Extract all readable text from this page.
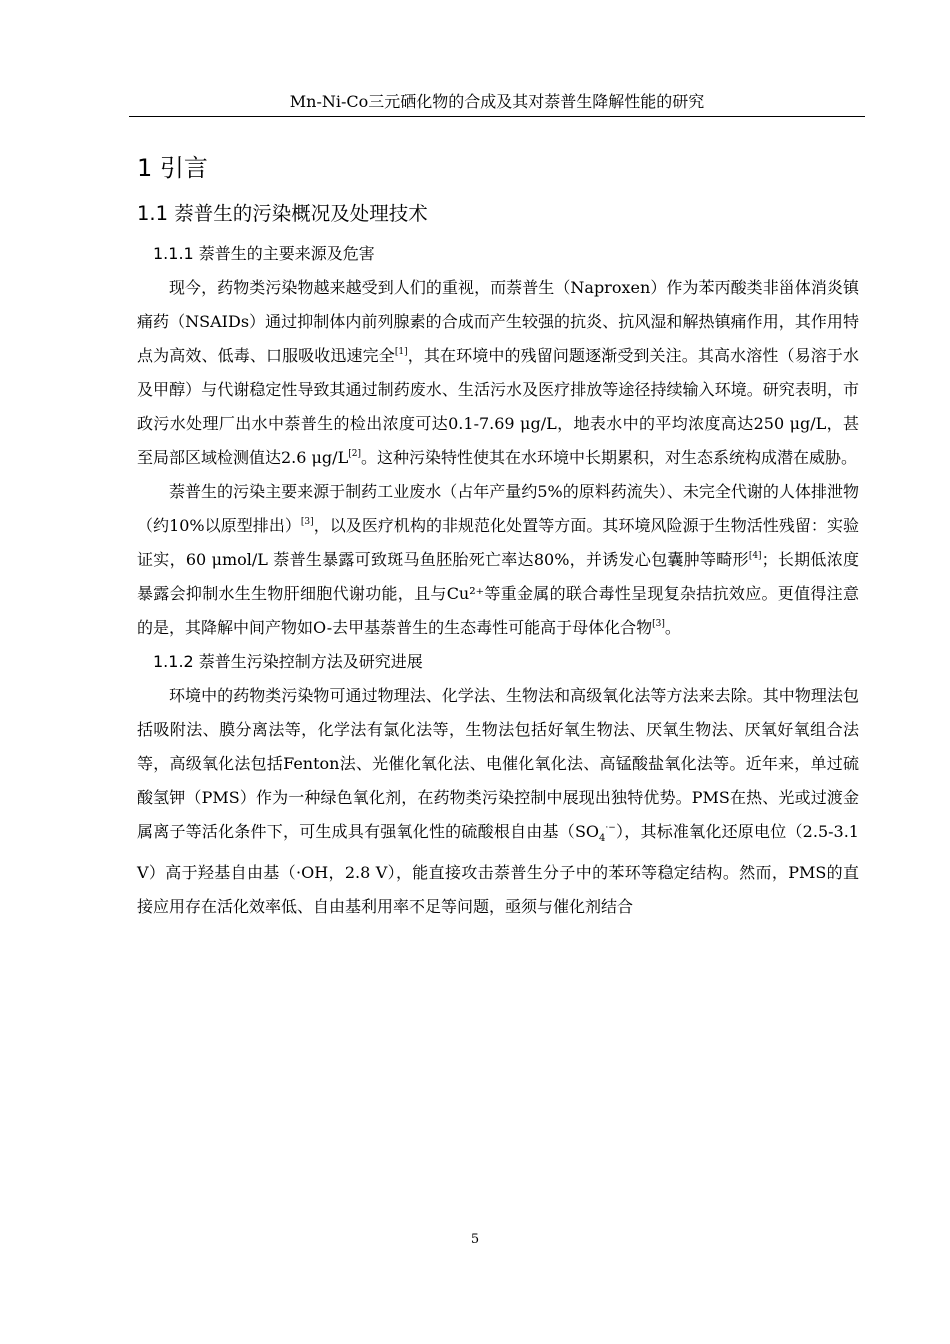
Mn-Ni-Co三元硒化物的合成及其对萘普生降解性能的研究
1 引言
1.1 萘普生的污染概况及处理技术
1.1.1 萘普生的主要来源及危害

现今，药物类污染物越来越受到人们的重视，而萘普生（Naproxen）作为苯丙酸类非甾体消炎镇痛药（NSAIDs）通过抑制体内前列腺素的合成而产生较强的抗炎、抗风湿和解热镇痛作用，其作用特点为高效、低毒、口服吸收迅速完全[1]，其在环境中的残留问题逐渐受到关注。其高水溶性（易溶于水及甲醇）与代谢稳定性导致其通过制药废水、生活污水及医疗排放等途径持续输入环境。研究表明，市政污水处理厂出水中萘普生的检出浓度可达0.1-7.69 μg/L，地表水中的平均浓度高达250 μg/L，甚至局部区域检测值达2.6 μg/L[2]。这种污染特性使其在水环境中长期累积，对生态系统构成潜在威胁。

萘普生的污染主要来源于制药工业废水（占年产量约5%的原料药流失）、未完全代谢的人体排泄物（约10%以原型排出）[3]，以及医疗机构的非规范化处置等方面。其环境风险源于生物活性残留：实验证实，60 μmol/L 萘普生暴露可致斑马鱼胚胎死亡率达80%，并诱发心包囊肿等畸形[4]；长期低浓度暴露会抑制水生生物肝细胞代谢功能，且与Cu²⁺等重金属的联合毒性呈现复杂拮抗效应。更值得注意的是，其降解中间产物如O-去甲基萘普生的生态毒性可能高于母体化合物[3]。

1.1.2 萘普生污染控制方法及研究进展

环境中的药物类污染物可通过物理法、化学法、生物法和高级氧化法等方法来去除。其中物理法包括吸附法、膜分离法等，化学法有氯化法等，生物法包括好氧生物法、厌氧生物法、厌氧好氧组合法等，高级氧化法包括Fenton法、光催化氧化法、电催化氧化法、高锰酸盐氧化法等。近年来，单过硫酸氢钾（PMS）作为一种绿色氧化剂，在药物类污染控制中展现出独特优势。PMS在热、光或过渡金属离子等活化条件下，可生成具有强氧化性的硫酸根自由基$(SO_4^{\cdot-})$，其标准氧化还原电位（2.5-3.1 V）高于羟基自由基（·OH，2.8 V），能直接攻击萘普生分子中的苯环等稳定结构。然而，PMS的直接应用存在活化效率低、自由基利用率不足等问题，亟须与催化剂结合

5
